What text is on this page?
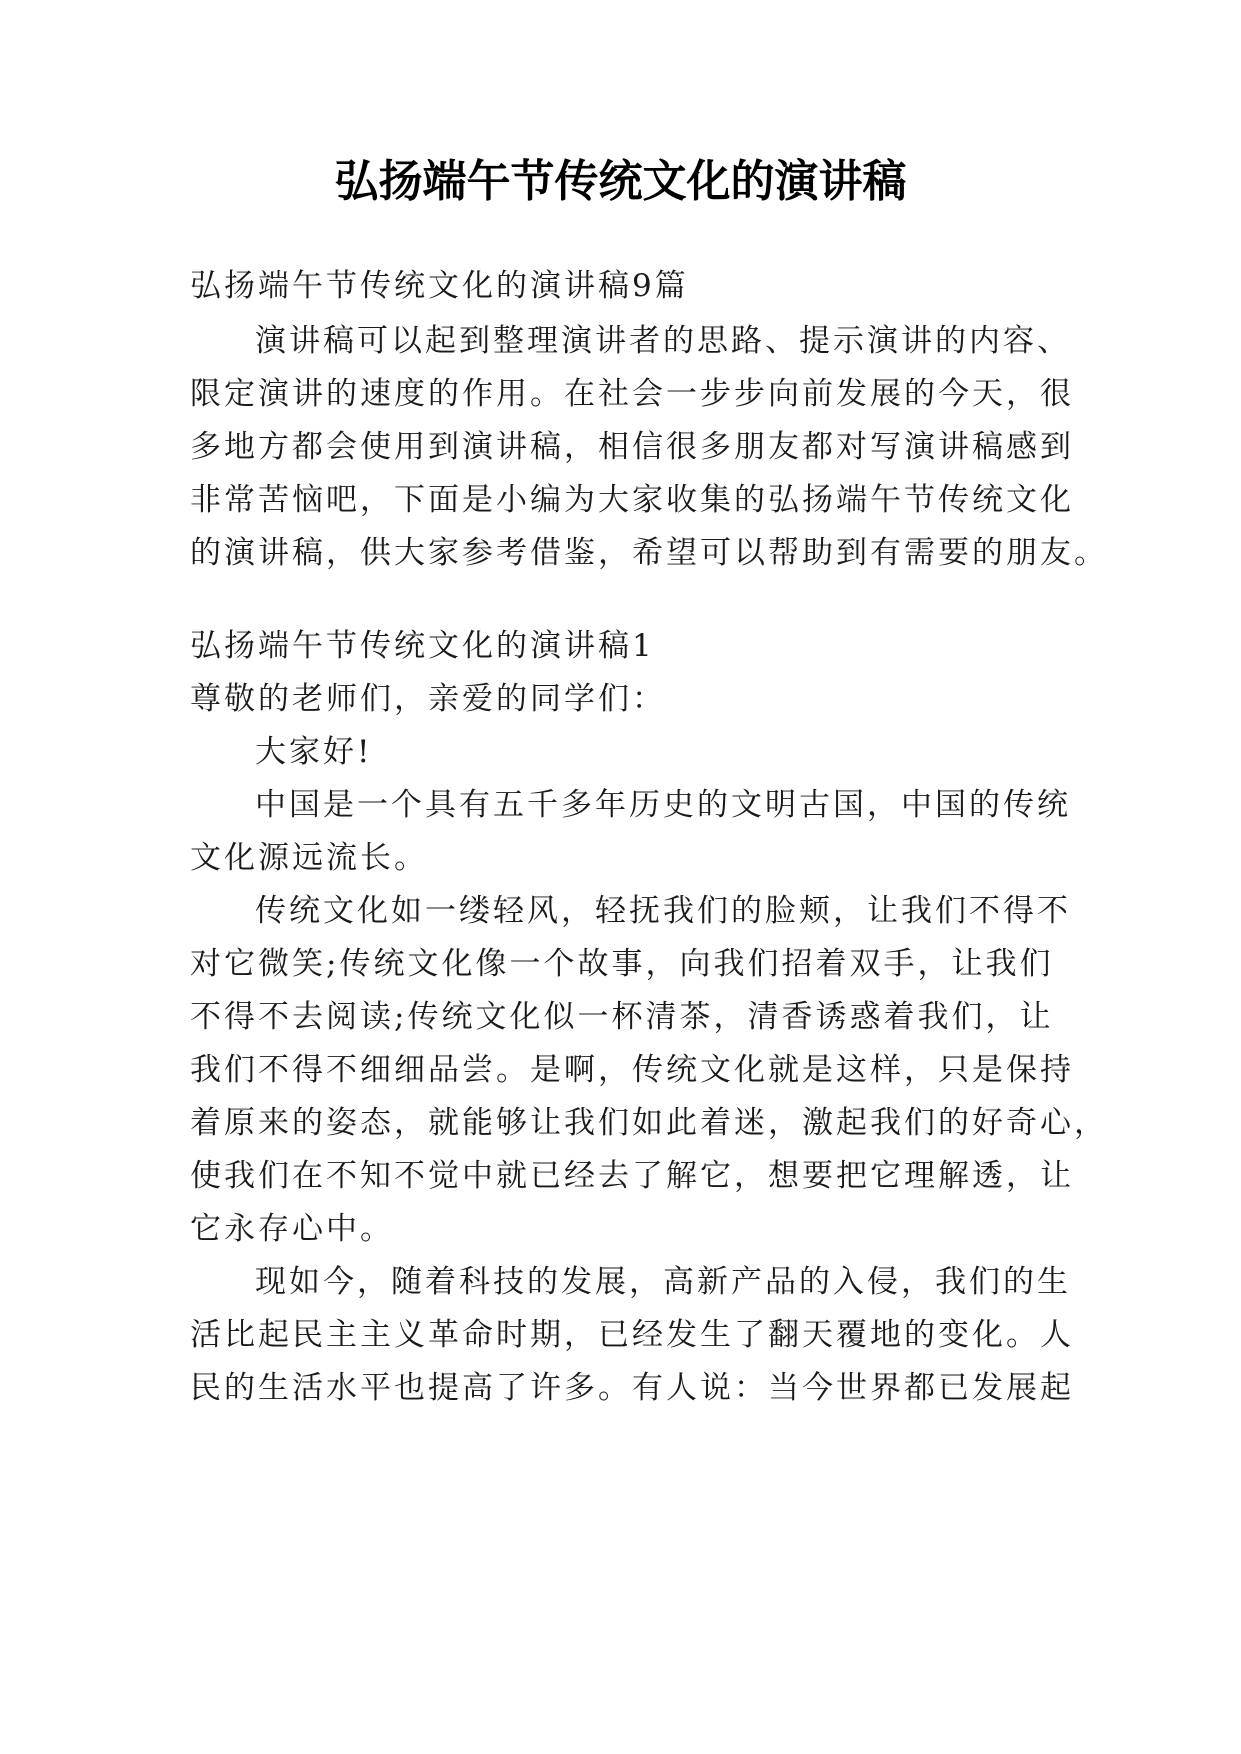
弘扬端午节传统文化的演讲稿
弘扬端午节传统文化的演讲稿9篇
演讲稿可以起到整理演讲者的思路、提示演讲的内容、
限定演讲的速度的作用。在社会一步步向前发展的今天，很
多地方都会使用到演讲稿，相信很多朋友都对写演讲稿感到
非常苦恼吧，下面是小编为大家收集的弘扬端午节传统文化
的演讲稿，供大家参考借鉴，希望可以帮助到有需要的朋友。
弘扬端午节传统文化的演讲稿1
尊敬的老师们，亲爱的同学们：
大家好!
中国是一个具有五千多年历史的文明古国，中国的传统
文化源远流长。
传统文化如一缕轻风，轻抚我们的脸颊，让我们不得不
对它微笑;传统文化像一个故事，向我们招着双手，让我们
不得不去阅读;传统文化似一杯清茶，清香诱惑着我们，让
我们不得不细细品尝。是啊，传统文化就是这样，只是保持
着原来的姿态，就能够让我们如此着迷，激起我们的好奇心，
使我们在不知不觉中就已经去了解它，想要把它理解透，让
它永存心中。
现如今，随着科技的发展，高新产品的入侵，我们的生
活比起民主主义革命时期，已经发生了翻天覆地的变化。人
民的生活水平也提高了许多。有人说：当今世界都已发展起
